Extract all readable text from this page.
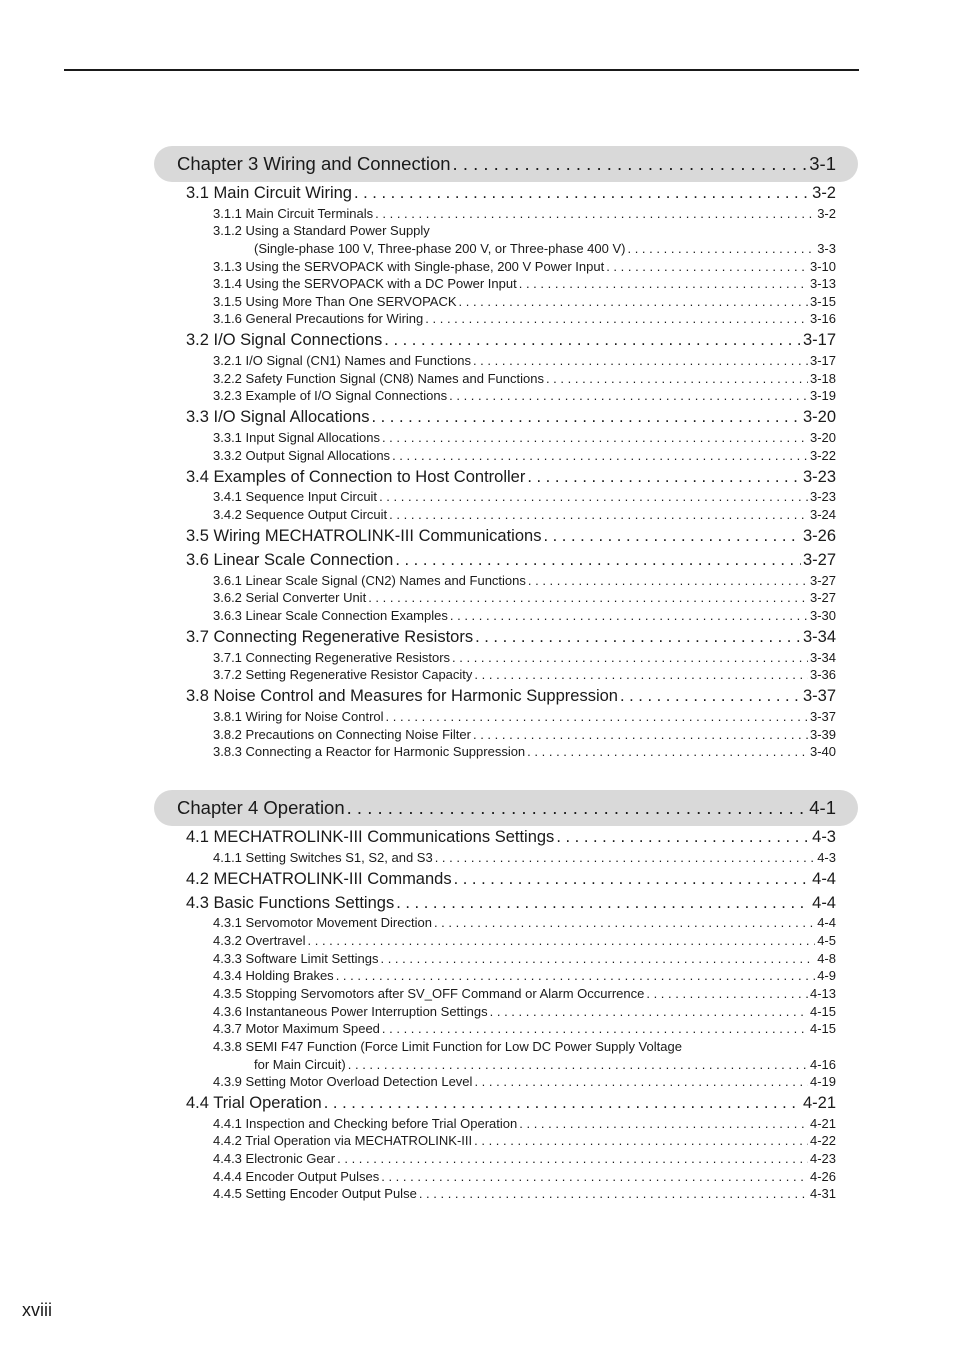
Chapter 3 Wiring and Connection . . .	3-1
3.1 Main Circuit Wiring . . .	3-2
3.1.1 Main Circuit Terminals . . .	3-2
3.1.2 Using a Standard Power Supply
(Single-phase 100 V, Three-phase 200 V, or Three-phase 400 V) . . .	3-3
3.1.3 Using the SERVOPACK with Single-phase, 200 V Power Input . . .	3-10
3.1.4 Using the SERVOPACK with a DC Power Input . . .	3-13
3.1.5 Using More Than One SERVOPACK . . .	3-15
3.1.6 General Precautions for Wiring . . .	3-16
3.2 I/O Signal Connections . . .	3-17
3.2.1 I/O Signal (CN1) Names and Functions . . .	3-17
3.2.2 Safety Function Signal (CN8) Names and Functions . . .	3-18
3.2.3 Example of I/O Signal Connections . . .	3-19
3.3 I/O Signal Allocations . . .	3-20
3.3.1 Input Signal Allocations . . .	3-20
3.3.2 Output Signal Allocations . . .	3-22
3.4 Examples of Connection to Host Controller . . .	3-23
3.4.1 Sequence Input Circuit . . .	3-23
3.4.2 Sequence Output Circuit . . .	3-24
3.5 Wiring MECHATROLINK-III Communications . . .	3-26
3.6 Linear Scale Connection . . .	3-27
3.6.1 Linear Scale Signal (CN2) Names and Functions . . .	3-27
3.6.2 Serial Converter Unit . . .	3-27
3.6.3 Linear Scale Connection Examples . . .	3-30
3.7 Connecting Regenerative Resistors . . .	3-34
3.7.1 Connecting Regenerative Resistors . . .	3-34
3.7.2 Setting Regenerative Resistor Capacity . . .	3-36
3.8 Noise Control and Measures for Harmonic Suppression . . .	3-37
3.8.1 Wiring for Noise Control . . .	3-37
3.8.2 Precautions on Connecting Noise Filter . . .	3-39
3.8.3 Connecting a Reactor for Harmonic Suppression . . .	3-40
Chapter 4 Operation . . .	4-1
4.1 MECHATROLINK-III Communications Settings . . .	4-3
4.1.1 Setting Switches S1, S2, and S3 . . .	4-3
4.2 MECHATROLINK-III Commands . . .	4-4
4.3 Basic Functions Settings . . .	4-4
4.3.1 Servomotor Movement Direction . . .	4-4
4.3.2 Overtravel . . .	4-5
4.3.3 Software Limit Settings . . .	4-8
4.3.4 Holding Brakes . . .	4-9
4.3.5 Stopping Servomotors after SV_OFF Command or Alarm Occurrence . . .	4-13
4.3.6 Instantaneous Power Interruption Settings . . .	4-15
4.3.7 Motor Maximum Speed . . .	4-15
4.3.8 SEMI F47 Function (Force Limit Function for Low DC Power Supply Voltage
for Main Circuit) . . .	4-16
4.3.9 Setting Motor Overload Detection Level . . .	4-19
4.4 Trial Operation . . .	4-21
4.4.1 Inspection and Checking before Trial Operation . . .	4-21
4.4.2 Trial Operation via MECHATROLINK-III . . .	4-22
4.4.3 Electronic Gear . . .	4-23
4.4.4 Encoder Output Pulses . . .	4-26
4.4.5 Setting Encoder Output Pulse . . .	4-31
xviii
